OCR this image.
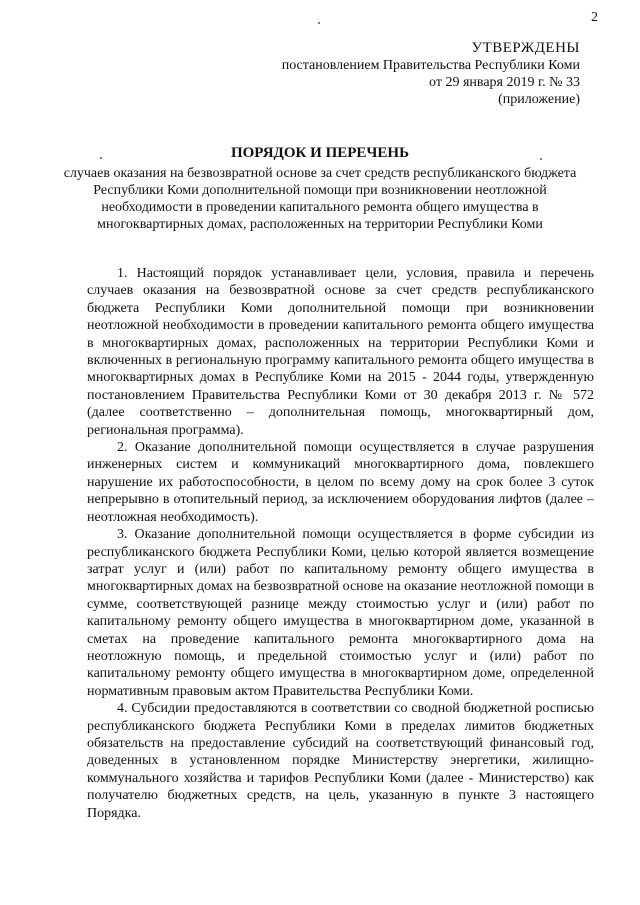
2
УТВЕРЖДЕНЫ
постановлением Правительства Республики Коми
от 29 января 2019 г. № 33
(приложение)
ПОРЯДОК И ПЕРЕЧЕНЬ
случаев оказания на безвозвратной основе за счет средств республиканского бюджета Республики Коми дополнительной помощи при возникновении неотложной необходимости в проведении капитального ремонта общего имущества в многоквартирных домах, расположенных на территории Республики Коми

1. Настоящий порядок устанавливает цели, условия, правила и перечень случаев оказания на безвозвратной основе за счет средств республиканского бюджета Республики Коми дополнительной помощи при возникновении неотложной необходимости в проведении капитального ремонта общего имущества в многоквартирных домах, расположенных на территории Республики Коми и включенных в региональную программу капитального ремонта общего имущества в многоквартирных домах в Республике Коми на 2015 - 2044 годы, утвержденную постановлением Правительства Республики Коми от 30 декабря 2013 г. № 572 (далее соответственно – дополнительная помощь, многоквартирный дом, региональная программа).

2. Оказание дополнительной помощи осуществляется в случае разрушения инженерных систем и коммуникаций многоквартирного дома, повлекшего нарушение их работоспособности, в целом по всему дому на срок более 3 суток непрерывно в отопительный период, за исключением оборудования лифтов (далее – неотложная необходимость).

3. Оказание дополнительной помощи осуществляется в форме субсидии из республиканского бюджета Республики Коми, целью которой является возмещение затрат услуг и (или) работ по капитальному ремонту общего имущества в многоквартирных домах на безвозвратной основе на оказание неотложной помощи в сумме, соответствующей разнице между стоимостью услуг и (или) работ по капитальному ремонту общего имущества в многоквартирном доме, указанной в сметах на проведение капитального ремонта многоквартирного дома на неотложную помощь, и предельной стоимостью услуг и (или) работ по капитальному ремонту общего имущества в многоквартирном доме, определенной нормативным правовым актом Правительства Республики Коми.

4. Субсидии предоставляются в соответствии со сводной бюджетной росписью республиканского бюджета Республики Коми в пределах лимитов бюджетных обязательств на предоставление субсидий на соответствующий финансовый год, доведенных в установленном порядке Министерству энергетики, жилищно-коммунального хозяйства и тарифов Республики Коми (далее - Министерство) как получателю бюджетных средств, на цель, указанную в пункте 3 настоящего Порядка.
